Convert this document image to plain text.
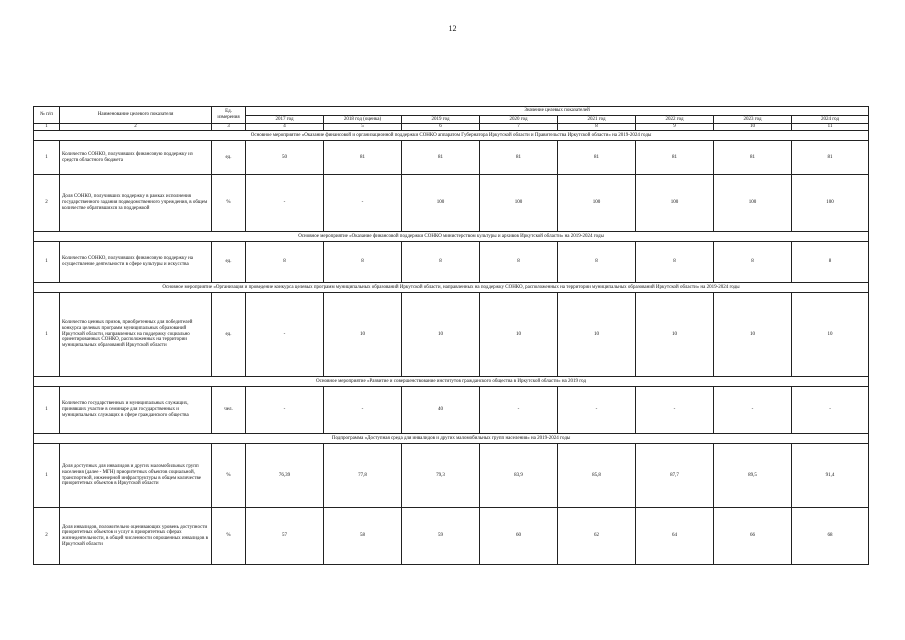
12
№ п/п	Наименование целевого показателя	Ед. измерения	Значение целевых показателей							
			2017 год	2018 год (оценка)	2019 год	2020 год	2021 год	2022 год	2023 год	2024 год
1	2	3	4	5	6	7	8	9	10	11
Основное мероприятие «Оказание финансовой и организационной поддержки СОНКО аппаратом Губернатора Иркутской области и Правительства Иркутской области» на 2019-2024 годы										
1	Количество СОНКО, получивших финансовую поддержку из средств областного бюджета	ед.	50	81	81	81	81	81	81	81
2	Доля СОНКО, получивших поддержку в рамках исполнения государственного задания подведомственного учреждения, в общем количестве обратившихся за поддержкой	%	-	-	100	100	100	100	100	100
Основное мероприятие «Оказание финансовой поддержки СОНКО министерством культуры и архивов Иркутской области» на 2019-2024 годы										
1	Количество СОНКО, получивших финансовую поддержку на осуществление деятельности в сфере культуры и искусства	ед.	8	8	8	8	8	8	8	8
Основное мероприятие «Организация и проведение конкурса целевых программ муниципальных образований Иркутской области, направленных на поддержку СОНКО, расположенных на территории муниципальных образований Иркутской области» на 2019-2024 годы										
1	Количество ценных призов, приобретенных для победителей конкурса целевых программ муниципальных образований Иркутской области, направленных на поддержку социально ориентированных СОНКО, расположенных на территории муниципальных образований Иркутской области	ед.	-	10	10	10	10	10	10	10
Основное мероприятие «Развитие и совершенствование институтов гражданского общества в Иркутской области» на 2019 год										
1	Количество государственных и муниципальных служащих, принявших участие в семинаре для государственных и муниципальных служащих в сфере гражданского общества	чел.	-	-	40	-	-	-	-	-
Подпрограмма «Доступная среда для инвалидов и других маломобильных групп населения» на 2019-2024 годы										
1	Доля доступных для инвалидов и других маломобильных групп населения (далее - МГН) приоритетных объектов социальной, транспортной, инженерной инфраструктуры в общем количестве приоритетных объектов в Иркутской области	%	76,39	77,8	79,3	83,9	85,8	87,7	89,5	91,4
2	Доля инвалидов, положительно оценивающих уровень доступности приоритетных объектов и услуг в приоритетных сферах жизнедеятельности, в общей численности опрошенных инвалидов в Иркутской области	%	57	58	59	60	62	64	66	68
